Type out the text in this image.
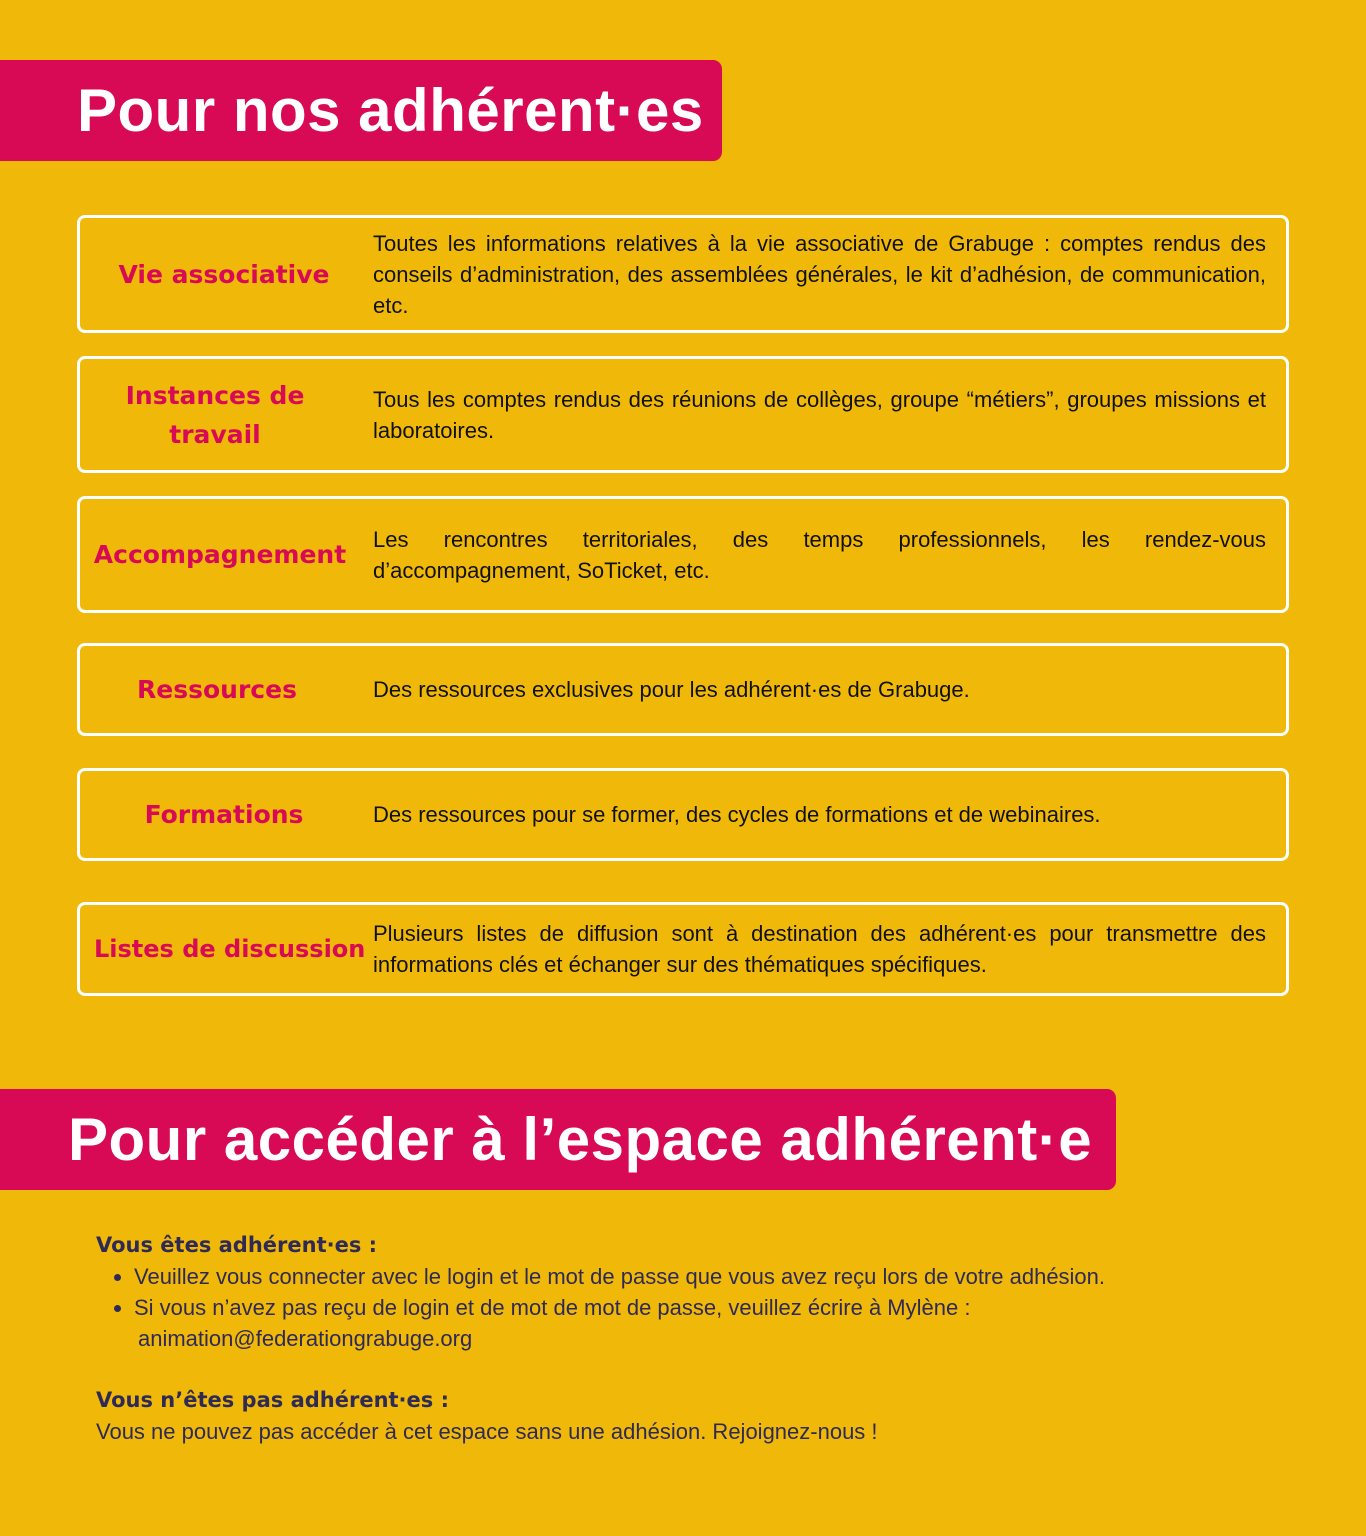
Pour nos adhérent·es
Vie associative
Toutes les informations relatives à la vie associative de Grabuge : comptes rendus des conseils d’administration, des assemblées générales, le kit d’adhésion, de communication, etc.
Instances de travail
Tous les comptes rendus des réunions de collèges, groupe “métiers”, groupes missions et laboratoires.
Accompagnement
Les rencontres territoriales, des temps professionnels, les rendez-vous d’accompagnement, SoTicket, etc.
Ressources	Des ressources exclusives pour les adhérent·es de Grabuge.
Formations	Des ressources pour se former, des cycles de formations et de webinaires.
Listes de discussion
Plusieurs listes de diffusion sont à destination des adhérent·es pour transmettre des informations clés et échanger sur des thématiques spécifiques.
Pour accéder à l’espace adhérent·e
Vous êtes adhérent·es :
• Veuillez vous connecter avec le login et le mot de passe que vous avez reçu lors de votre adhésion.
• Si vous n’avez pas reçu de login et de mot de mot de passe, veuillez écrire à Mylène :
animation@federationgrabuge.org
Vous n’êtes pas adhérent·es :
Vous ne pouvez pas accéder à cet espace sans une adhésion. Rejoignez-nous !
